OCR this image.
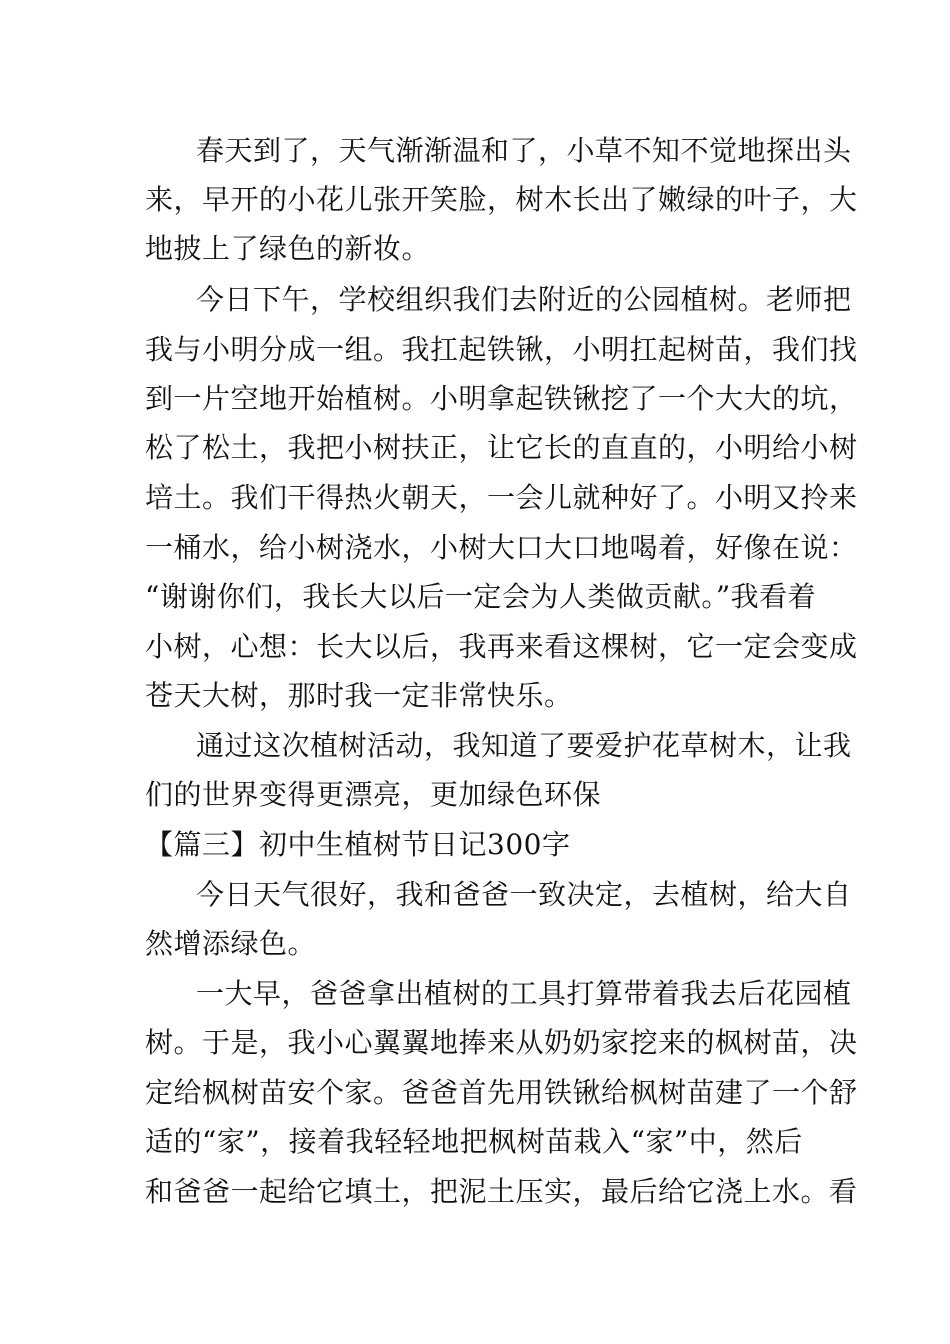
春天到了，天气渐渐温和了，小草不知不觉地探出头
来，早开的小花儿张开笑脸，树木长出了嫩绿的叶子，大
地披上了绿色的新妆。
今日下午，学校组织我们去附近的公园植树。老师把
我与小明分成一组。我扛起铁锹，小明扛起树苗，我们找
到一片空地开始植树。小明拿起铁锹挖了一个大大的坑，
松了松土，我把小树扶正，让它长的直直的，小明给小树
培土。我们干得热火朝天，一会儿就种好了。小明又拎来
一桶水，给小树浇水，小树大口大口地喝着，好像在说：
“谢谢你们，我长大以后一定会为人类做贡献。”我看着
小树，心想：长大以后，我再来看这棵树，它一定会变成
苍天大树，那时我一定非常快乐。
通过这次植树活动，我知道了要爱护花草树木，让我
们的世界变得更漂亮，更加绿色环保
【篇三】初中生植树节日记300字
今日天气很好，我和爸爸一致决定，去植树，给大自
然增添绿色。
一大早，爸爸拿出植树的工具打算带着我去后花园植
树。于是，我小心翼翼地捧来从奶奶家挖来的枫树苗，决
定给枫树苗安个家。爸爸首先用铁锹给枫树苗建了一个舒
适的“家”，接着我轻轻地把枫树苗栽入“家”中，然后
和爸爸一起给它填土，把泥土压实，最后给它浇上水。看
